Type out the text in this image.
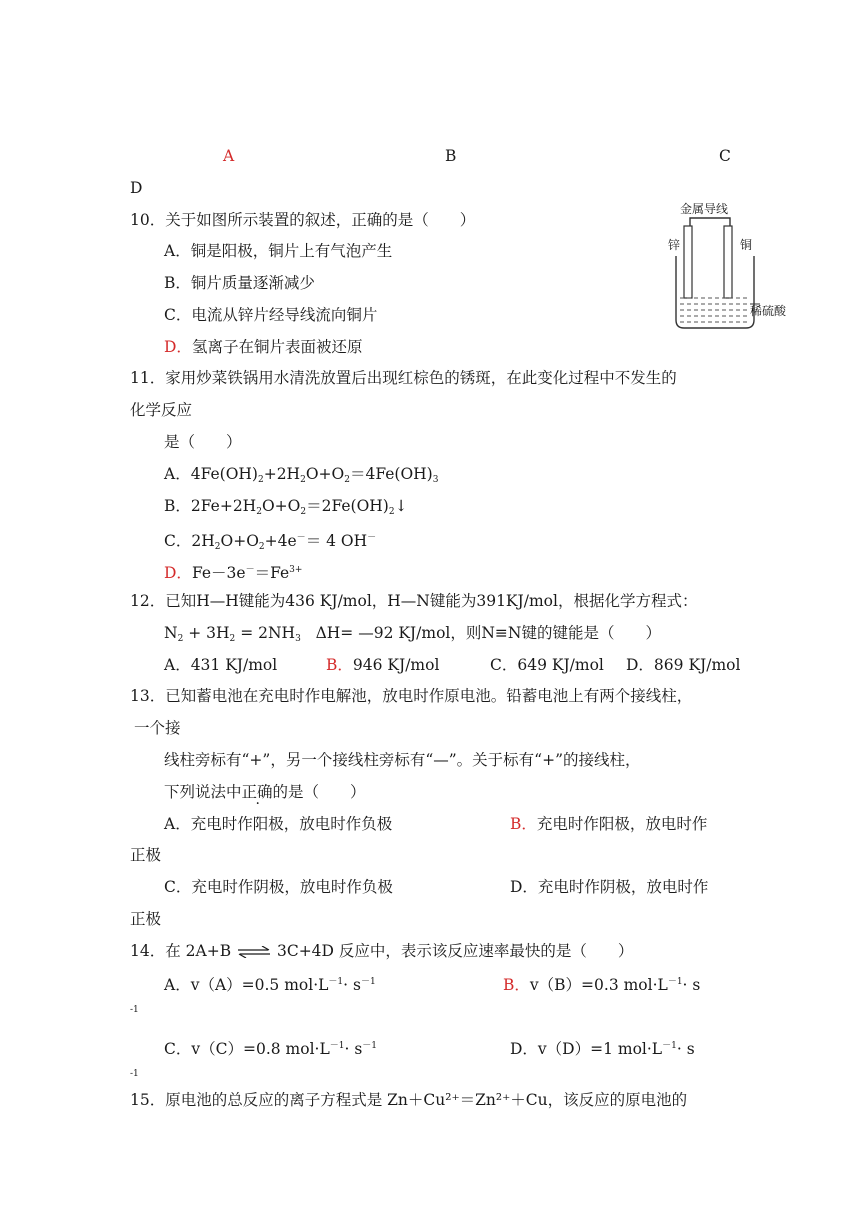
A	B	C
D
金属导线
锌	铜
稀硫酸
10．关于如图所示装置的叙述，正确的是（　　）
A．铜是阳极，铜片上有气泡产生
B．铜片质量逐渐减少
C．电流从锌片经导线流向铜片
D．氢离子在铜片表面被还原
11．家用炒菜铁锅用水清洗放置后出现红棕色的锈斑，在此变化过程中不发生的
化学反应
是（　　）
A．$4Fe(OH)_2+2H_2O+O_2=4Fe(OH)_3$
B．$2Fe+2H_2O+O_2=2Fe(OH)_2↓$
C．$2H_2O+O_2+4e^-= 4$ OH－
D．$Fe-3e^-=Fe^{3+}$
12．已知H—H键能为436 KJ/mol，H—N键能为391KJ/mol，根据化学方程式：
$N_2 + 3H_2 = 2NH_3$ ΔH= —92 KJ/mol，则N≡N键的键能是（　　）
A．431 KJ/mol	B．946 KJ/mol	C．649 KJ/mol D．869 KJ/mol
13．已知蓄电池在充电时作电解池，放电时作原电池。铅蓄电池上有两个接线柱，
一个接
线柱旁标有“+”，另一个接线柱旁标有“—”。关于标有“+”的接线柱，
下列说法中正确的是（　　）
A．充电时作阳极，放电时作负极	B．充电时作阳极，放电时作
正极
C．充电时作阴极，放电时作负极	D．充电时作阴极，放电时作
正极
14．在 2A+B ⇌ 3C+4D 反应中，表示该反应速率最快的是（　　）
A．v（A）=0.5 $mol\cdot L^{-1}\cdot s^{-1}$	B．v（B）=0.3 $mol\cdot L^{-1}\cdot s$
-1
C．v（C）=0.8 $mol\cdot L^{-1}\cdot s^{-1}$	D．v（D）=1 $mol\cdot L^{-1}\cdot s$
-1
15．原电池的总反应的离子方程式是 Zn＋Cu²⁺＝Zn²⁺＋Cu，该反应的原电池的
